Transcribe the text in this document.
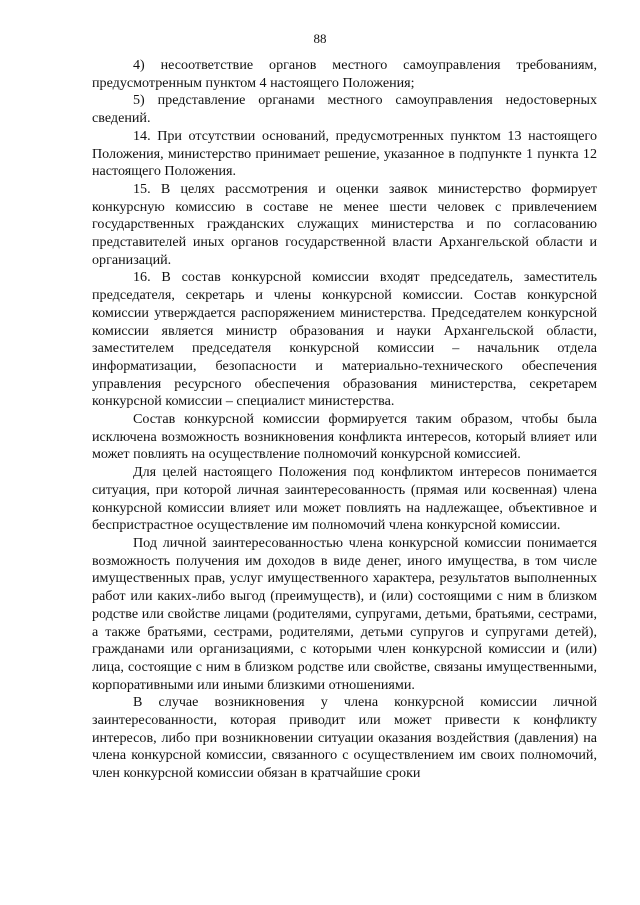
88

4) несоответствие органов местного самоуправления требованиям, предусмотренным пунктом 4 настоящего Положения;

5) представление органами местного самоуправления недостоверных сведений.

14. При отсутствии оснований, предусмотренных пунктом 13 настоящего Положения, министерство принимает решение, указанное в подпункте 1 пункта 12 настоящего Положения.

15. В целях рассмотрения и оценки заявок министерство формирует конкурсную комиссию в составе не менее шести человек с привлечением государственных гражданских служащих министерства и по согласованию представителей иных органов государственной власти Архангельской области и организаций.

16. В состав конкурсной комиссии входят председатель, заместитель председателя, секретарь и члены конкурсной комиссии. Состав конкурсной комиссии утверждается распоряжением министерства. Председателем конкурсной комиссии является министр образования и науки Архангельской области, заместителем председателя конкурсной комиссии – начальник отдела информатизации, безопасности и материально-технического обеспечения управления ресурсного обеспечения образования министерства, секретарем конкурсной комиссии – специалист министерства.

Состав конкурсной комиссии формируется таким образом, чтобы была исключена возможность возникновения конфликта интересов, который влияет или может повлиять на осуществление полномочий конкурсной комиссией.

Для целей настоящего Положения под конфликтом интересов понимается ситуация, при которой личная заинтересованность (прямая или косвенная) члена конкурсной комиссии влияет или может повлиять на надлежащее, объективное и беспристрастное осуществление им полномочий члена конкурсной комиссии.

Под личной заинтересованностью члена конкурсной комиссии понимается возможность получения им доходов в виде денег, иного имущества, в том числе имущественных прав, услуг имущественного характера, результатов выполненных работ или каких-либо выгод (преимуществ), и (или) состоящими с ним в близком родстве или свойстве лицами (родителями, супругами, детьми, братьями, сестрами, а также братьями, сестрами, родителями, детьми супругов и супругами детей), гражданами или организациями, с которыми член конкурсной комиссии и (или) лица, состоящие с ним в близком родстве или свойстве, связаны имущественными, корпоративными или иными близкими отношениями.

В случае возникновения у члена конкурсной комиссии личной заинтересованности, которая приводит или может привести к конфликту интересов, либо при возникновении ситуации оказания воздействия (давления) на члена конкурсной комиссии, связанного с осуществлением им своих полномочий, член конкурсной комиссии обязан в кратчайшие сроки
